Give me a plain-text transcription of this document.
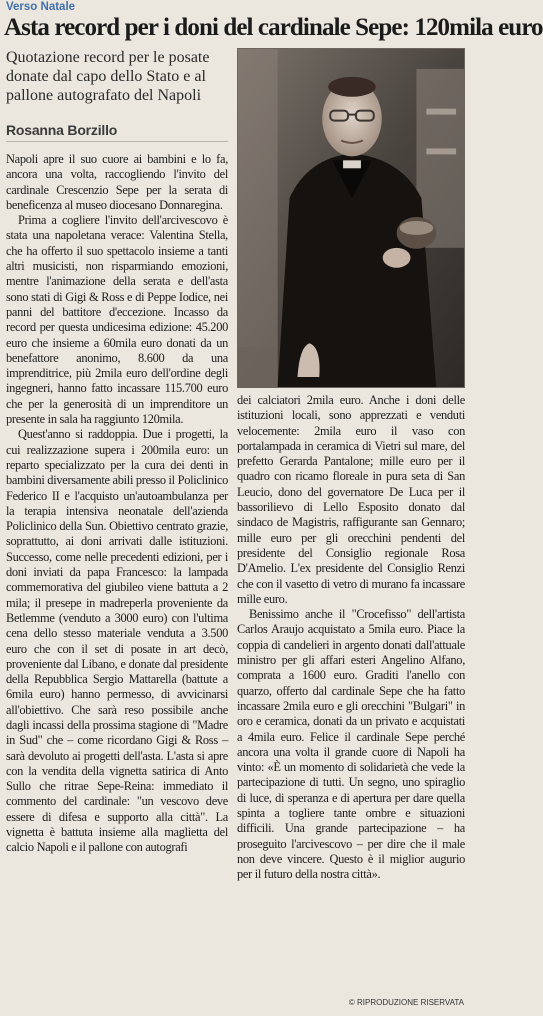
Verso Natale
Asta record per i doni del cardinale Sepe: 120mila euro
Quotazione record per le posate donate dal capo dello Stato e al pallone autografato del Napoli
Rosanna Borzillo

Napoli apre il suo cuore ai bambini e lo fa, ancora una volta, raccogliendo l'invito del cardinale Crescenzio Sepe per la serata di beneficenza al museo diocesano Donnaregina.

Prima a cogliere l'invito dell'arcivescovo è stata una napoletana verace: Valentina Stella, che ha offerto il suo spettacolo insieme a tanti altri musicisti, non risparmiando emozioni, mentre l'animazione della serata e dell'asta sono stati di Gigi & Ross e di Peppe Iodice, nei panni del battitore d'eccezione. Incasso da record per questa undicesima edizione: 45.200 euro che insieme a 60mila euro donati da un benefattore anonimo, 8.600 da una imprenditrice, più 2mila euro dell'ordine degli ingegneri, hanno fatto incassare 115.700 euro che per la generosità di un imprenditore un presente in sala ha raggiunto 120mila.

Quest'anno si raddoppia. Due i progetti, la cui realizzazione supera i 200mila euro: un reparto specializzato per la cura dei denti in bambini diversamente abili presso il Policlinico Federico II e l'acquisto un'autoambulanza per la terapia intensiva neonatale dell'azienda Policlinico della Sun. Obiettivo centrato grazie, soprattutto, ai doni arrivati dalle istituzioni. Successo, come nelle precedenti edizioni, per i doni inviati da papa Francesco: la lampada commemorativa del giubileo viene battuta a 2 mila; il presepe in madreperla proveniente da Betlemme (venduto a 3000 euro) con l'ultima cena dello stesso materiale venduta a 3.500 euro che con il set di posate in art decò, proveniente dal Libano, e donate dal presidente della Repubblica Sergio Mattarella (battute a 6mila euro) hanno permesso, di avvicinarsi all'obiettivo. Che sarà reso possibile anche dagli incassi della prossima stagione di "Madre in Sud" che – come ricordano Gigi & Ross – sarà devoluto ai progetti dell'asta. L'asta si apre con la vendita della vignetta satirica di Anto Sullo che ritrae Sepe-Reina: immediato il commento del cardinale: "un vescovo deve essere di difesa e supporto alla città". La vignetta è battuta insieme alla maglietta del calcio Napoli e il pallone con autografi

dei calciatori 2mila euro. Anche i doni delle istituzioni locali, sono apprezzati e venduti velocemente: 2mila euro il vaso con portalampada in ceramica di Vietri sul mare, del prefetto Gerarda Pantalone; mille euro per il quadro con ricamo floreale in pura seta di San Leucio, dono del governatore De Luca per il bassorilievo di Lello Esposito donato dal sindaco de Magistris, raffigurante san Gennaro; mille euro per gli orecchini pendenti del presidente del Consiglio regionale Rosa D'Amelio. L'ex presidente del Consiglio Renzi che con il vasetto di vetro di murano fa incassare mille euro.

Benissimo anche il "Crocefisso" dell'artista Carlos Araujo acquistato a 5mila euro. Piace la coppia di candelieri in argento donati dall'attuale ministro per gli affari esteri Angelino Alfano, comprata a 1600 euro. Graditi l'anello con quarzo, offerto dal cardinale Sepe che ha fatto incassare 2mila euro e gli orecchini "Bulgari" in oro e ceramica, donati da un privato e acquistati a 4mila euro. Felice il cardinale Sepe perché ancora una volta il grande cuore di Napoli ha vinto: «È un momento di solidarietà che vede la partecipazione di tutti. Un segno, uno spiraglio di luce, di speranza e di apertura per dare quella spinta a togliere tante ombre e situazioni difficili. Una grande partecipazione – ha proseguito l'arcivescovo – per dire che il male non deve vincere. Questo è il miglior augurio per il futuro della nostra città».

© RIPRODUZIONE RISERVATA
